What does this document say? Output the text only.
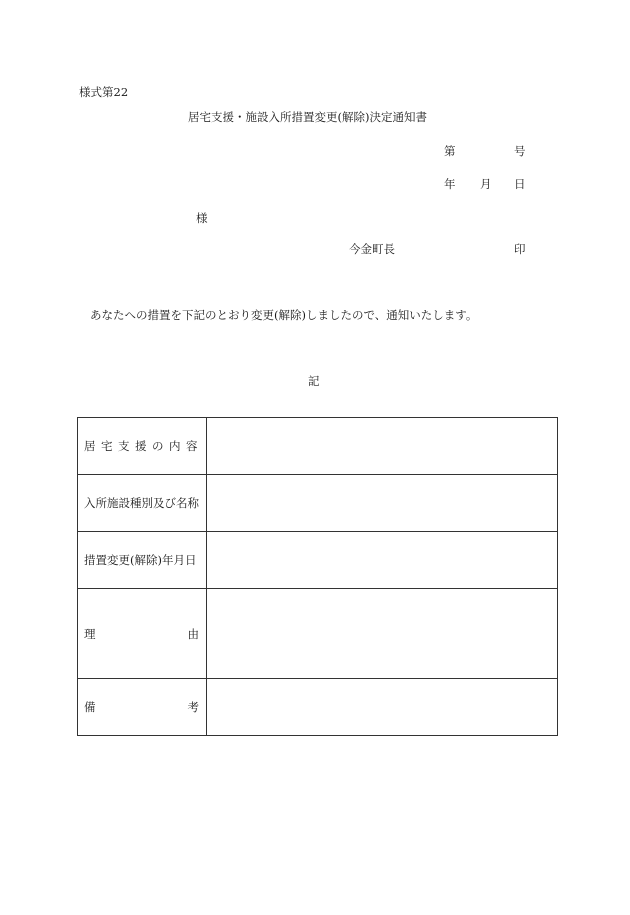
様式第22
居宅支援・施設入所措置変更(解除)決定通知書
第	号
年 月 日
様
今金町長	印
あなたへの措置を下記のとおり変更(解除)しましたので、通知いたします。
記
居宅支援の内容	
入所施設種別及び名称	
措置変更(解除)年月日	

理 由	

備 考	
